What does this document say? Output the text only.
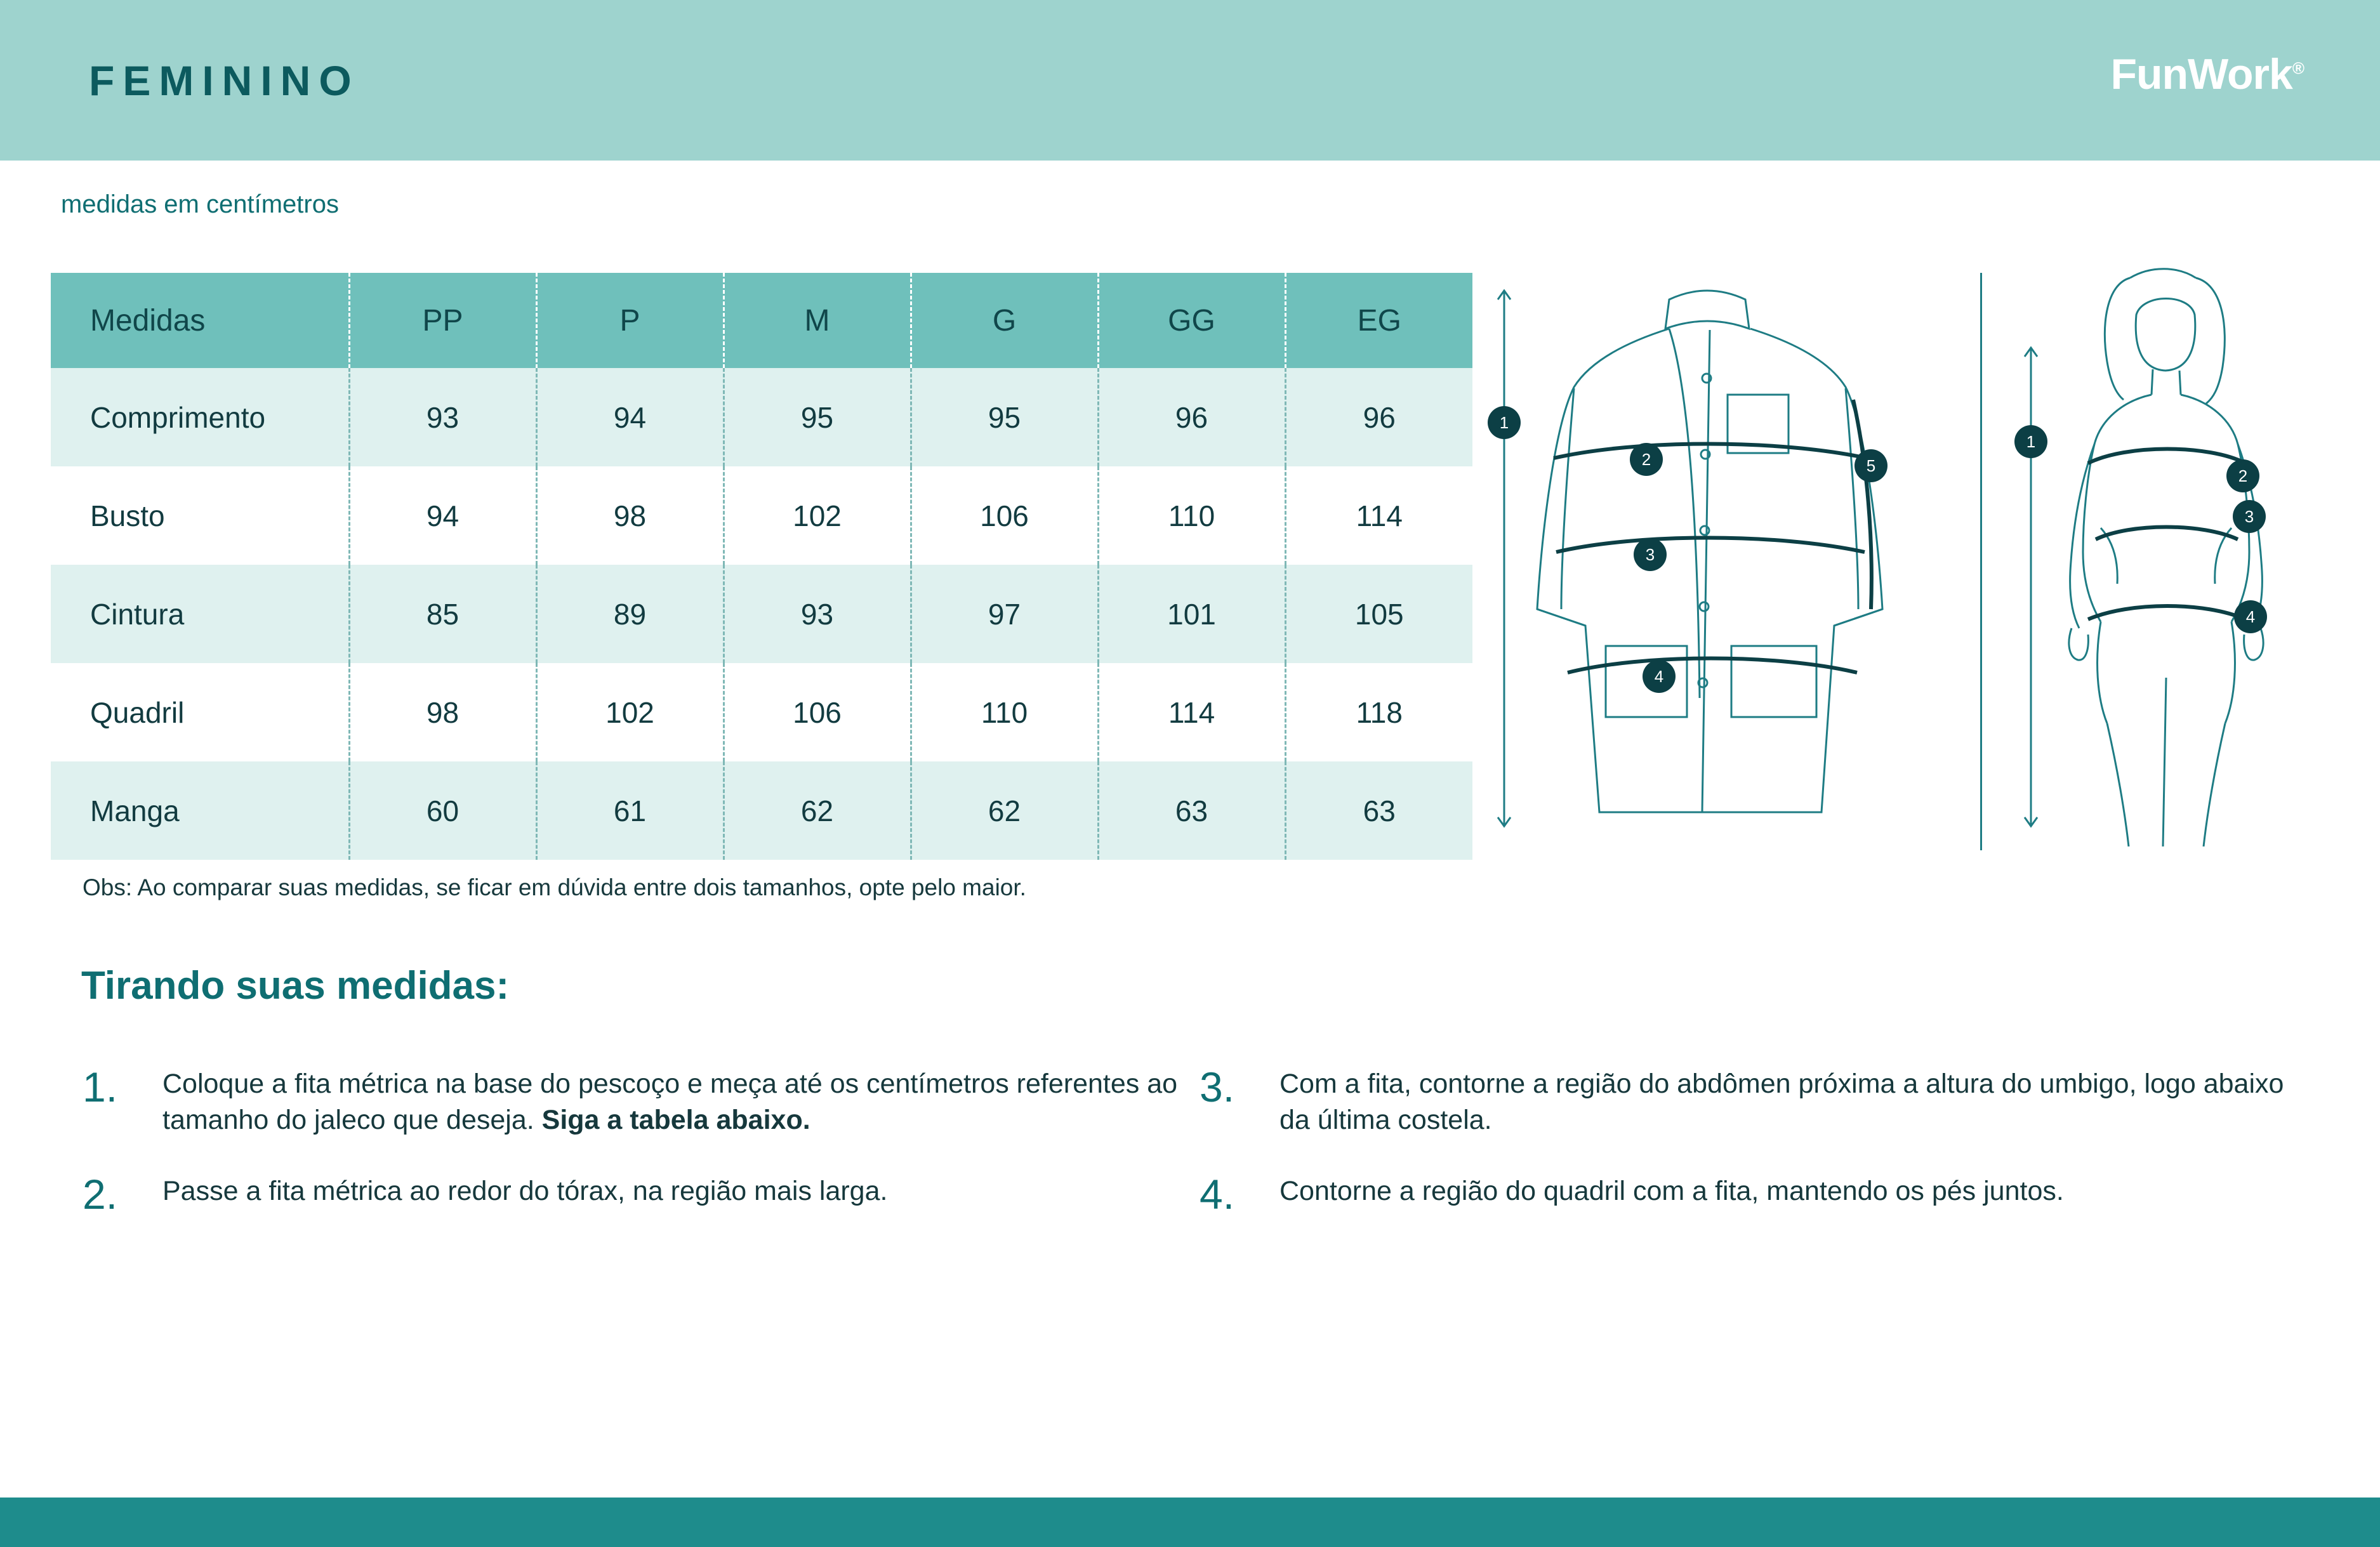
FEMININO	FunWork®
medidas em centímetros
Medidas	PP	P	M	G	GG	EG
Comprimento	93	94	95	95	96	96
Busto	94	98	102	106	110	114
Cintura	85	89	93	97	101	105
Quadril	98	102	106	110	114	118
Manga	60	61	62	62	63	63
Obs: Ao comparar suas medidas, se ficar em dúvida entre dois tamanhos, opte pelo maior.
Tirando suas medidas:
1.	Coloque a fita métrica na base do pescoço e meça até os centímetros referentes ao tamanho do jaleco que deseja. Siga a tabela abaixo.
3.	Com a fita, contorne a região do abdômen próxima a altura do umbigo, logo abaixo da última costela.
2.	Passe a fita métrica ao redor do tórax, na região mais larga.	4.	Contorne a região do quadril com a fita, mantendo os pés juntos.
1
2
3
4
5
1
2
3
4
